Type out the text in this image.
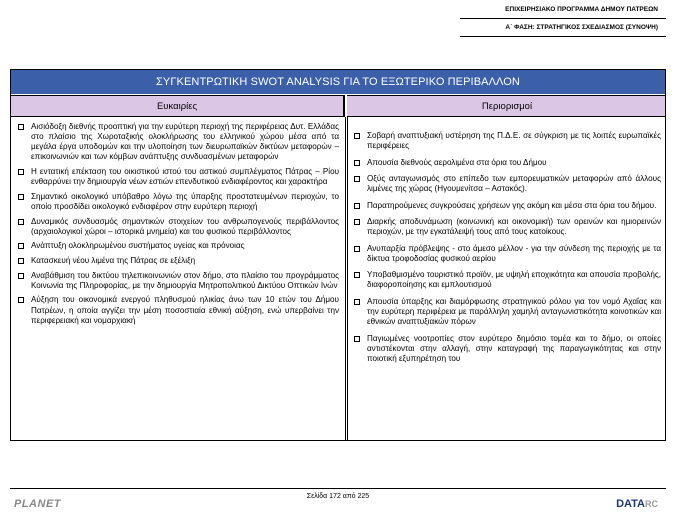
ΕΠΙΧΕΙΡΗΣΙΑΚΟ ΠΡΟΓΡΑΜΜΑ ΔΗΜΟΥ ΠΑΤΡΕΩΝ
Α΄ ΦΑΣΗ: ΣΤΡΑΤΗΓΙΚΟΣ ΣΧΕΔΙΑΣΜΟΣ (ΣΥΝΟΨΗ)
ΣΥΓΚΕΝΤΡΩΤΙΚΗ SWOT ANALYSIS ΓΙΑ ΤΟ ΕΞΩΤΕΡΙΚΟ ΠΕΡΙΒΑΛΛΟΝ
Ευκαιρίες	Περιορισμοί
Αισιόδοξη διεθνής προοπτική για την ευρύτερη περιοχή της περιφέρειας Δυτ. Ελλάδας στο πλαίσιο της Χωροταξικής ολοκλήρωσης του ελληνικού χώρου μέσα από τα μεγάλα έργα υποδομών και την υλοποίηση των διευρωπαϊκών δικτύων μεταφορών – επικοινωνιών και των κόμβων ανάπτυξης συνδυασμένων μεταφορών
Η εντατική επέκταση του οικιστικού ιστού του αστικού συμπλέγματος Πάτρας – Ρίου ενθαρρύνει την δημιουργία νέων εστιών επενδυτικού ενδιαφέροντος και χαρακτήρα
Σημαντικό οικολογικό υπόβαθρο λόγω της ύπαρξης προστατευμένων περιοχών, το οποίο προσδίδει οικολογικό ενδιαφέρον στην ευρύτερη περιοχή
Δυναμικός συνδυασμός σημαντικών στοιχείων του ανθρωπογενούς περιβάλλοντος (αρχαιολογικοί χώροι – ιστορικά μνημεία) και του φυσικού περιβάλλοντος
Ανάπτυξη ολοκληρωμένου συστήματος υγείας και πρόνοιας
Κατασκευή νέου λιμένα της Πάτρας σε εξέλιξη
Αναβάθμιση του δικτύου τηλεπικοινωνιών στον δήμο, στο πλαίσιο του προγράμματος Κοινωνία της Πληροφορίας, με την δημιουργία Μητροπολιτικού Δικτύου Οπτικών Ινών
Αύξηση του οικονομικά ενεργού πληθυσμού ηλικίας άνω των 10 ετών του Δήμου Πατρέων, η οποία αγγίζει την μέση ποσοστιαία εθνική αύξηση, ενώ υπερβαίνει την περιφερειακή και νομαρχιακή
Σοβαρή αναπτυξιακή υστέρηση της Π.Δ.Ε. σε σύγκριση με τις λοιπές ευρωπαϊκές περιφέρειες
Απουσία διεθνούς αερολιμένα στα όρια του Δήμου
Οξύς ανταγωνισμός στο επίπεδο των εμπορευματικών μεταφορών από άλλους λιμένες της χώρας (Ηγουμενίτσα – Αστακός).
Παρατηρούμενες συγκρούσεις χρήσεων γης ακόμη και μέσα στα όρια του δήμου.
Διαρκής αποδυνάμωση (κοινωνική και οικονομική) των ορεινών και ημιορεινών περιοχών, με την εγκατάλειψή τους από τους κατοίκους.
Ανυπαρξία πρόβλεψης - στο άμεσο μέλλον - για την σύνδεση της περιοχής με τα δίκτυα τροφοδοσίας φυσικού αερίου
Υποβαθμισμένο τουριστικό προϊόν, με υψηλή εποχικότητα και απουσία προβολής, διαφοροποίησης και εμπλουτισμού
Απουσία ύπαρξης και διαμόρφωσης στρατηγικού ρόλου για τον νομό Αχαΐας και την ευρύτερη περιφέρεια με παράλληλη χαμηλή ανταγωνιστικότητα κοινοτικών και εθνικών αναπτυξιακών πόρων
Παγιωμένες νοοτροπίες στον ευρύτερο δημόσιο τομέα και το δήμο, οι οποίες αντιστέκονται στην αλλαγή, στην καταγραφή της παραγωγικότητας και στην ποιοτική εξυπηρέτηση του
PLANET
Σελίδα 172 από 225
DATARC
